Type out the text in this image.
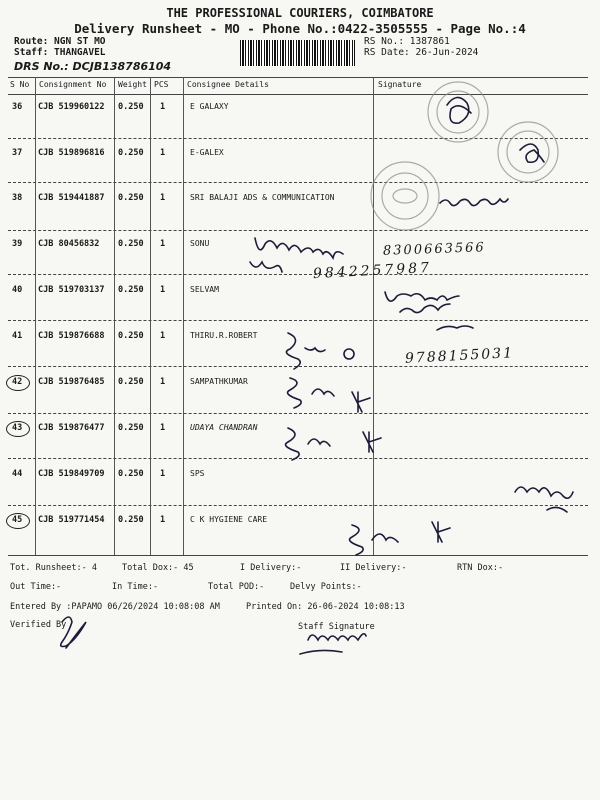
THE PROFESSIONAL COURIERS, COIMBATORE
Delivery Runsheet - MO - Phone No.:0422-3505555 - Page No.:4
Route: NGN ST MO
Staff: THANGAVEL
DRS No.: DCJB138786104
RS No.: 1387861
RS Date: 26-Jun-2024
S No Consignment No Weight PCS Consignee Details	Signature
36 CJB 519960122 0.250 1	E GALAXY
37 CJB 519896816 0.250 1	E-GALEX
38 CJB 519441887 0.250 1	SRI BALAJI ADS & COMMUNICATION
39 CJB 80456832 0.250 1	SONU
40 CJB 519703137 0.250 1	SELVAM
41 CJB 519876688 0.250 1	THIRU.R.ROBERT
42 CJB 519876485 0.250 1	SAMPATHKUMAR
43 CJB 519876477 0.250 1	UDAYA CHANDRAN
44 CJB 519849709 0.250 1	SPS
45 CJB 519771454 0.250 1	C K HYGIENE CARE
8300663566
9842257987
9788155031
Tot. Runsheet:- 4	Total Dox:- 45	I Delivery:-	II Delivery:-	RTN Dox:-
Out Time:-	In Time:-	Total POD:-	Delvy Points:-
Entered By :PAPAMO 06/26/2024 10:08:08 AM	Printed On: 26-06-2024 10:08:13
Verified By	Staff Signature
